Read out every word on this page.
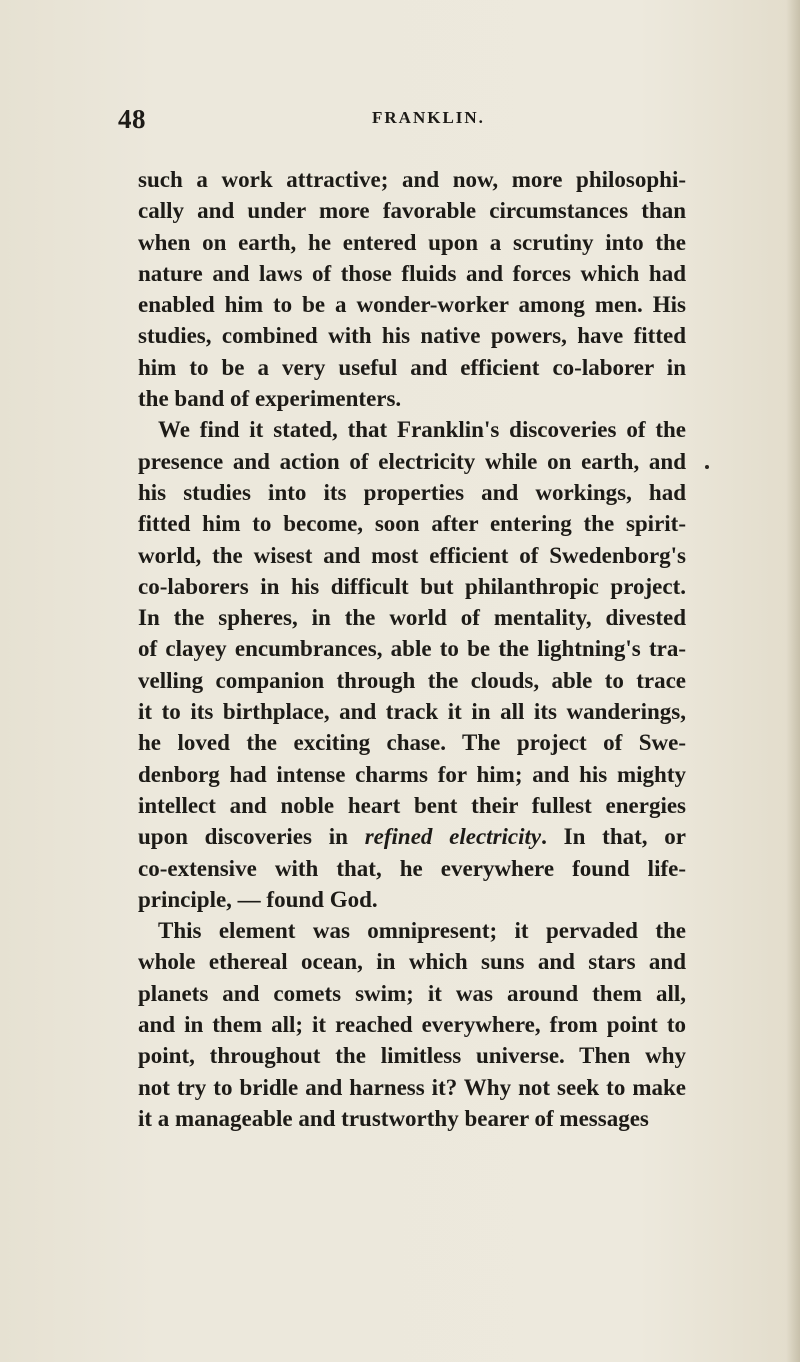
48	FRANKLIN.
such a work attractive; and now, more philosophi-
cally and under more favorable circumstances than
when on earth, he entered upon a scrutiny into the
nature and laws of those fluids and forces which had
enabled him to be a wonder-worker among men. His
studies, combined with his native powers, have fitted
him to be a very useful and efficient co-laborer in
the band of experimenters.
We find it stated, that Franklin's discoveries of the
presence and action of electricity while on earth, and
his studies into its properties and workings, had
fitted him to become, soon after entering the spirit-
world, the wisest and most efficient of Swedenborg's
co-laborers in his difficult but philanthropic project.
In the spheres, in the world of mentality, divested
of clayey encumbrances, able to be the lightning's tra-
velling companion through the clouds, able to trace
it to its birthplace, and track it in all its wanderings,
he loved the exciting chase. The project of Swe-
denborg had intense charms for him; and his mighty
intellect and noble heart bent their fullest energies
upon discoveries in refined electricity. In that, or
co-extensive with that, he everywhere found life-
principle, — found God.
This element was omnipresent; it pervaded the
whole ethereal ocean, in which suns and stars and
planets and comets swim; it was around them all,
and in them all; it reached everywhere, from point to
point, throughout the limitless universe. Then why
not try to bridle and harness it? Why not seek to make
it a manageable and trustworthy bearer of messages
